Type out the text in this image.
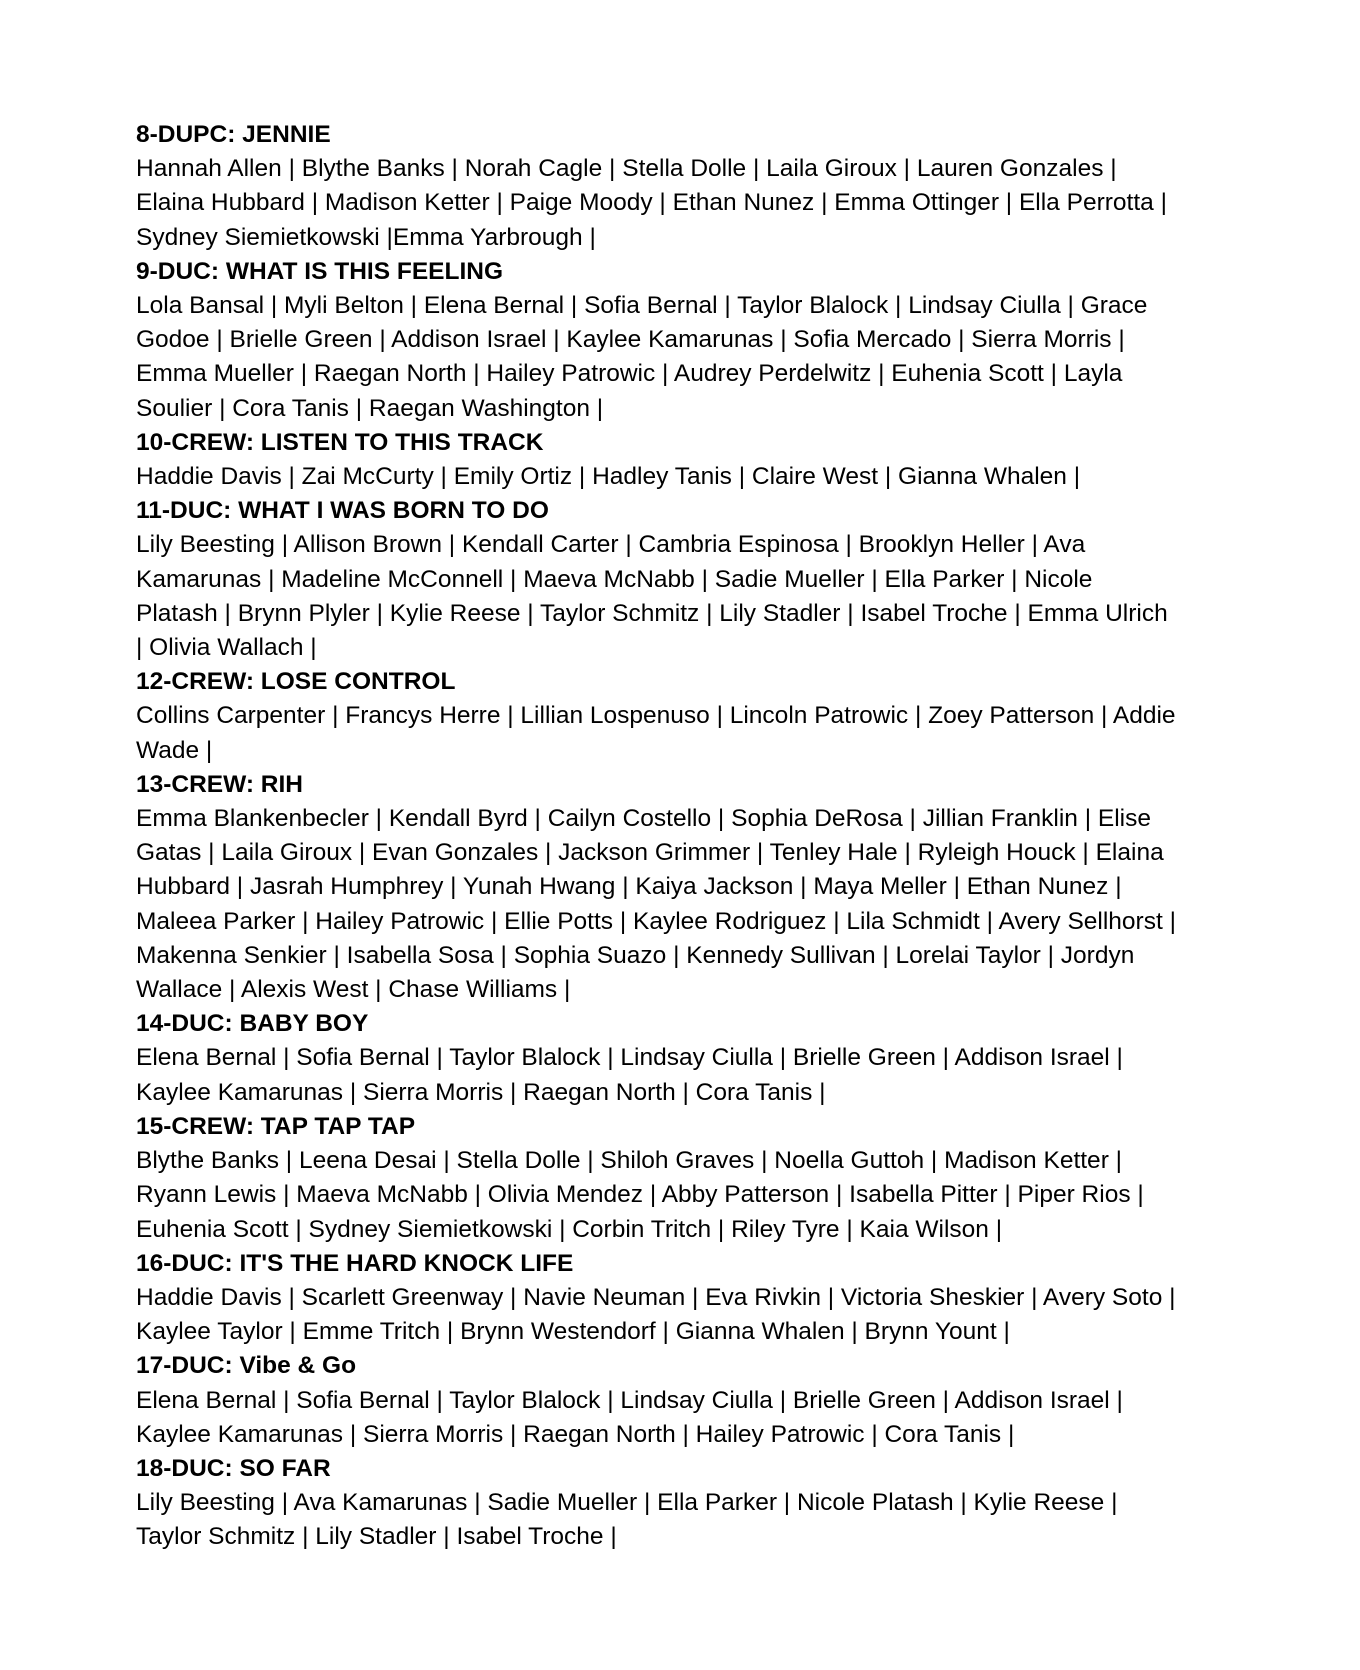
8-DUPC: JENNIE
Hannah Allen | Blythe Banks | Norah Cagle | Stella Dolle | Laila Giroux | Lauren Gonzales |
Elaina Hubbard | Madison Ketter | Paige Moody | Ethan Nunez | Emma Ottinger | Ella Perrotta |
Sydney Siemietkowski |Emma Yarbrough |
9-DUC: WHAT IS THIS FEELING
Lola Bansal | Myli Belton | Elena Bernal | Sofia Bernal | Taylor Blalock | Lindsay Ciulla | Grace
Godoe | Brielle Green | Addison Israel | Kaylee Kamarunas | Sofia Mercado | Sierra Morris |
Emma Mueller | Raegan North | Hailey Patrowic | Audrey Perdelwitz | Euhenia Scott | Layla
Soulier | Cora Tanis | Raegan Washington |
10-CREW: LISTEN TO THIS TRACK
Haddie Davis | Zai McCurty | Emily Ortiz | Hadley Tanis | Claire West | Gianna Whalen |
11-DUC: WHAT I WAS BORN TO DO
Lily Beesting | Allison Brown | Kendall Carter | Cambria Espinosa | Brooklyn Heller | Ava
Kamarunas | Madeline McConnell | Maeva McNabb | Sadie Mueller | Ella Parker | Nicole
Platash | Brynn Plyler | Kylie Reese | Taylor Schmitz | Lily Stadler | Isabel Troche | Emma Ulrich
| Olivia Wallach |
12-CREW: LOSE CONTROL
Collins Carpenter | Francys Herre | Lillian Lospenuso | Lincoln Patrowic | Zoey Patterson | Addie
Wade |
13-CREW: RIH
Emma Blankenbecler | Kendall Byrd | Cailyn Costello | Sophia DeRosa | Jillian Franklin | Elise
Gatas | Laila Giroux | Evan Gonzales | Jackson Grimmer | Tenley Hale | Ryleigh Houck | Elaina
Hubbard | Jasrah Humphrey | Yunah Hwang | Kaiya Jackson | Maya Meller | Ethan Nunez |
Maleea Parker | Hailey Patrowic | Ellie Potts | Kaylee Rodriguez | Lila Schmidt | Avery Sellhorst |
Makenna Senkier | Isabella Sosa | Sophia Suazo | Kennedy Sullivan | Lorelai Taylor | Jordyn
Wallace | Alexis West | Chase Williams |
14-DUC: BABY BOY
Elena Bernal | Sofia Bernal | Taylor Blalock | Lindsay Ciulla | Brielle Green | Addison Israel |
Kaylee Kamarunas | Sierra Morris | Raegan North | Cora Tanis |
15-CREW: TAP TAP TAP
Blythe Banks | Leena Desai | Stella Dolle | Shiloh Graves | Noella Guttoh | Madison Ketter |
Ryann Lewis | Maeva McNabb | Olivia Mendez | Abby Patterson | Isabella Pitter | Piper Rios |
Euhenia Scott | Sydney Siemietkowski | Corbin Tritch | Riley Tyre | Kaia Wilson |
16-DUC: IT'S THE HARD KNOCK LIFE
Haddie Davis | Scarlett Greenway | Navie Neuman | Eva Rivkin | Victoria Sheskier | Avery Soto |
Kaylee Taylor | Emme Tritch | Brynn Westendorf | Gianna Whalen | Brynn Yount |
17-DUC: Vibe & Go
Elena Bernal | Sofia Bernal | Taylor Blalock | Lindsay Ciulla | Brielle Green | Addison Israel |
Kaylee Kamarunas | Sierra Morris | Raegan North | Hailey Patrowic | Cora Tanis |
18-DUC: SO FAR
Lily Beesting | Ava Kamarunas | Sadie Mueller | Ella Parker | Nicole Platash | Kylie Reese |
Taylor Schmitz | Lily Stadler | Isabel Troche |
